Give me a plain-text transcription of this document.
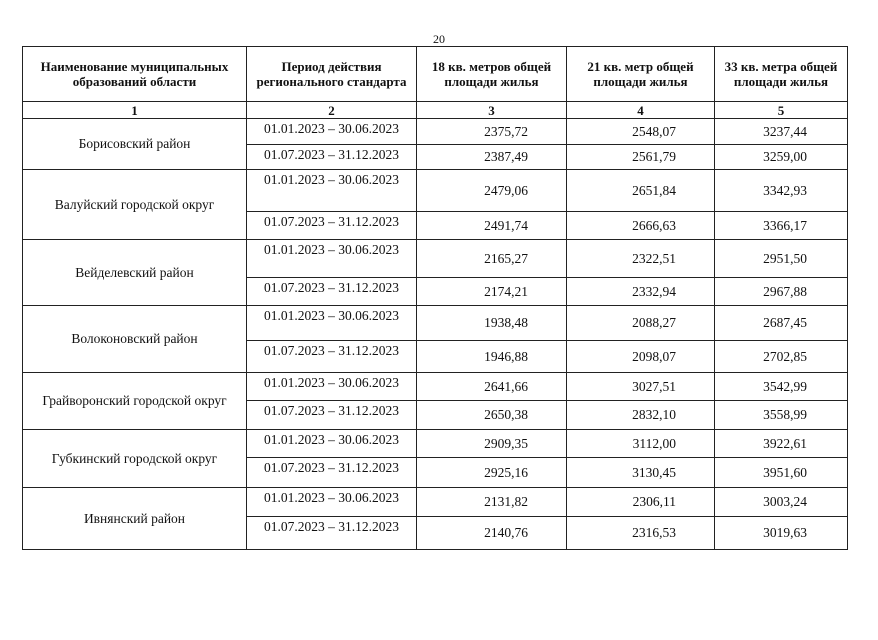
20
Наименование муниципальных образований области	Период действия регионального стандарта	18 кв. метров общей площади жилья	21 кв. метр общей площади жилья	33 кв. метра общей площади жилья
1	2	3	4	5
Борисовский район	01.01.2023 – 30.06.2023	2375,72	2548,07	3237,44
	01.07.2023 – 31.12.2023	2387,49	2561,79	3259,00
Валуйский городской округ	01.01.2023 – 30.06.2023	2479,06	2651,84	3342,93
	01.07.2023 – 31.12.2023	2491,74	2666,63	3366,17
Вейделевский район	01.01.2023 – 30.06.2023	2165,27	2322,51	2951,50
	01.07.2023 – 31.12.2023	2174,21	2332,94	2967,88
Волоконовский район	01.01.2023 – 30.06.2023	1938,48	2088,27	2687,45
	01.07.2023 – 31.12.2023	1946,88	2098,07	2702,85
Грайворонский городской округ	01.01.2023 – 30.06.2023	2641,66	3027,51	3542,99
	01.07.2023 – 31.12.2023	2650,38	2832,10	3558,99
Губкинский городской округ	01.01.2023 – 30.06.2023	2909,35	3112,00	3922,61
	01.07.2023 – 31.12.2023	2925,16	3130,45	3951,60
Ивнянский район	01.01.2023 – 30.06.2023	2131,82	2306,11	3003,24
	01.07.2023 – 31.12.2023	2140,76	2316,53	3019,63
